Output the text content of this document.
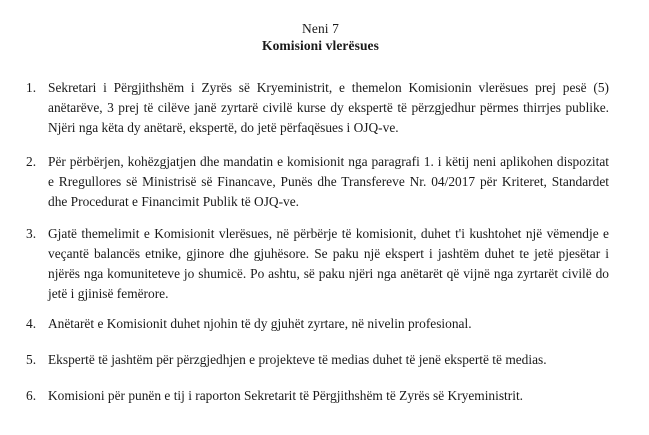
Neni 7
Komisioni vlerësues
1. Sekretari i Përgjithshëm i Zyrës së Kryeministrit, e themelon Komisionin vlerësues prej pesë (5) anëtarëve, 3 prej të cilëve janë zyrtarë civilë kurse dy ekspertë të përzgjedhur përmes thirrjes publike. Njëri nga këta dy anëtarë, ekspertë, do jetë përfaqësues i OJQ-ve.
2. Për përbërjen, kohëzgjatjen dhe mandatin e komisionit nga paragrafi 1. i këtij neni aplikohen dispozitat e Rregullores së Ministrisë së Financave, Punës dhe Transfereve Nr. 04/2017 për Kriteret, Standardet dhe Procedurat e Financimit Publik të OJQ-ve.
3. Gjatë themelimit e Komisionit vlerësues, në përbërje të komisionit, duhet t'i kushtohet një vëmendje e veçantë balancës etnike, gjinore dhe gjuhësore. Se paku një ekspert i jashtëm duhet te jetë pjesëtar i njërës nga komuniteteve jo shumicë. Po ashtu, së paku njëri nga anëtarët që vijnë nga zyrtarët civilë do jetë i gjinisë femërore.
4. Anëtarët e Komisionit duhet njohin të dy gjuhët zyrtare, në nivelin profesional.
5. Ekspertë të jashtëm për përzgjedhjen e projekteve të medias duhet të jenë ekspertë të medias.
6. Komisioni për punën e tij i raporton Sekretarit të Përgjithshëm të Zyrës së Kryeministrit.
